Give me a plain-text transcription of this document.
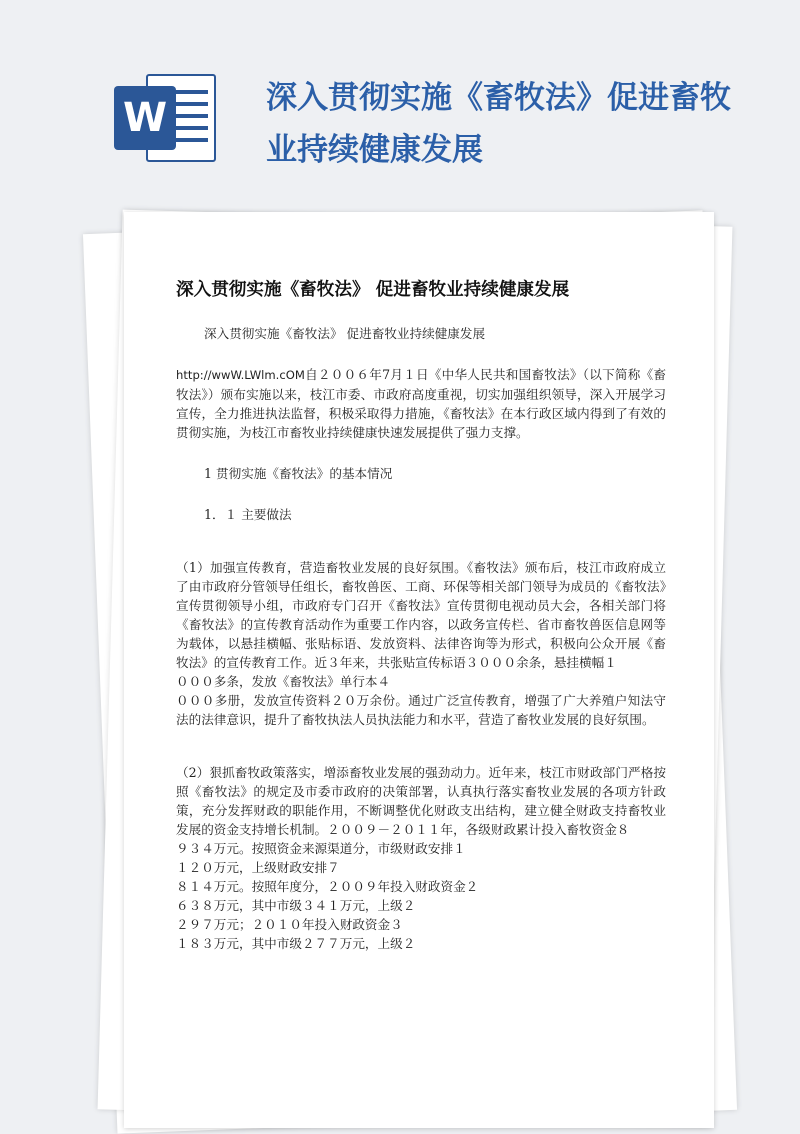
W	深入贯彻实施《畜牧法》促进畜牧业持续健康发展
深入贯彻实施《畜牧法》 促进畜牧业持续健康发展

深入贯彻实施《畜牧法》 促进畜牧业持续健康发展

http://wwW.LWlm.cOM自２００６年7月１日《中华人民共和国畜牧法》（以下简称《畜牧法》）颁布实施以来，枝江市委、市政府高度重视，切实加强组织领导，深入开展学习宣传，全力推进执法监督，积极采取得力措施，《畜牧法》在本行政区域内得到了有效的贯彻实施，为枝江市畜牧业持续健康快速发展提供了强力支撑。

1 贯彻实施《畜牧法》的基本情况

1．１ 主要做法

（1）加强宣传教育，营造畜牧业发展的良好氛围。《畜牧法》颁布后，枝江市政府成立了由市政府分管领导任组长，畜牧兽医、工商、环保等相关部门领导为成员的《畜牧法》宣传贯彻领导小组，市政府专门召开《畜牧法》宣传贯彻电视动员大会，各相关部门将《畜牧法》的宣传教育活动作为重要工作内容，以政务宣传栏、省市畜牧兽医信息网等为载体，以悬挂横幅、张贴标语、发放资料、法律咨询等为形式，积极向公众开展《畜牧法》的宣传教育工作。近３年来，共张贴宣传标语３０００余条，悬挂横幅１

０００多条，发放《畜牧法》单行本４

０００多册，发放宣传资料２０万余份。通过广泛宣传教育，增强了广大养殖户知法守法的法律意识，提升了畜牧执法人员执法能力和水平，营造了畜牧业发展的良好氛围。

（2）狠抓畜牧政策落实，增添畜牧业发展的强劲动力。近年来，枝江市财政部门严格按照《畜牧法》的规定及市委市政府的决策部署，认真执行落实畜牧业发展的各项方针政策，充分发挥财政的职能作用，不断调整优化财政支出结构，建立健全财政支持畜牧业发展的资金支持增长机制。２００９－２０１１年，各级财政累计投入畜牧资金８

９３４万元。按照资金来源渠道分，市级财政安排１
１２０万元，上级财政安排７
８１４万元。按照年度分，２００９年投入财政资金２
６３８万元，其中市级３４１万元，上级２
２９７万元；２０１０年投入财政资金３
１８３万元，其中市级２７７万元，上级２
